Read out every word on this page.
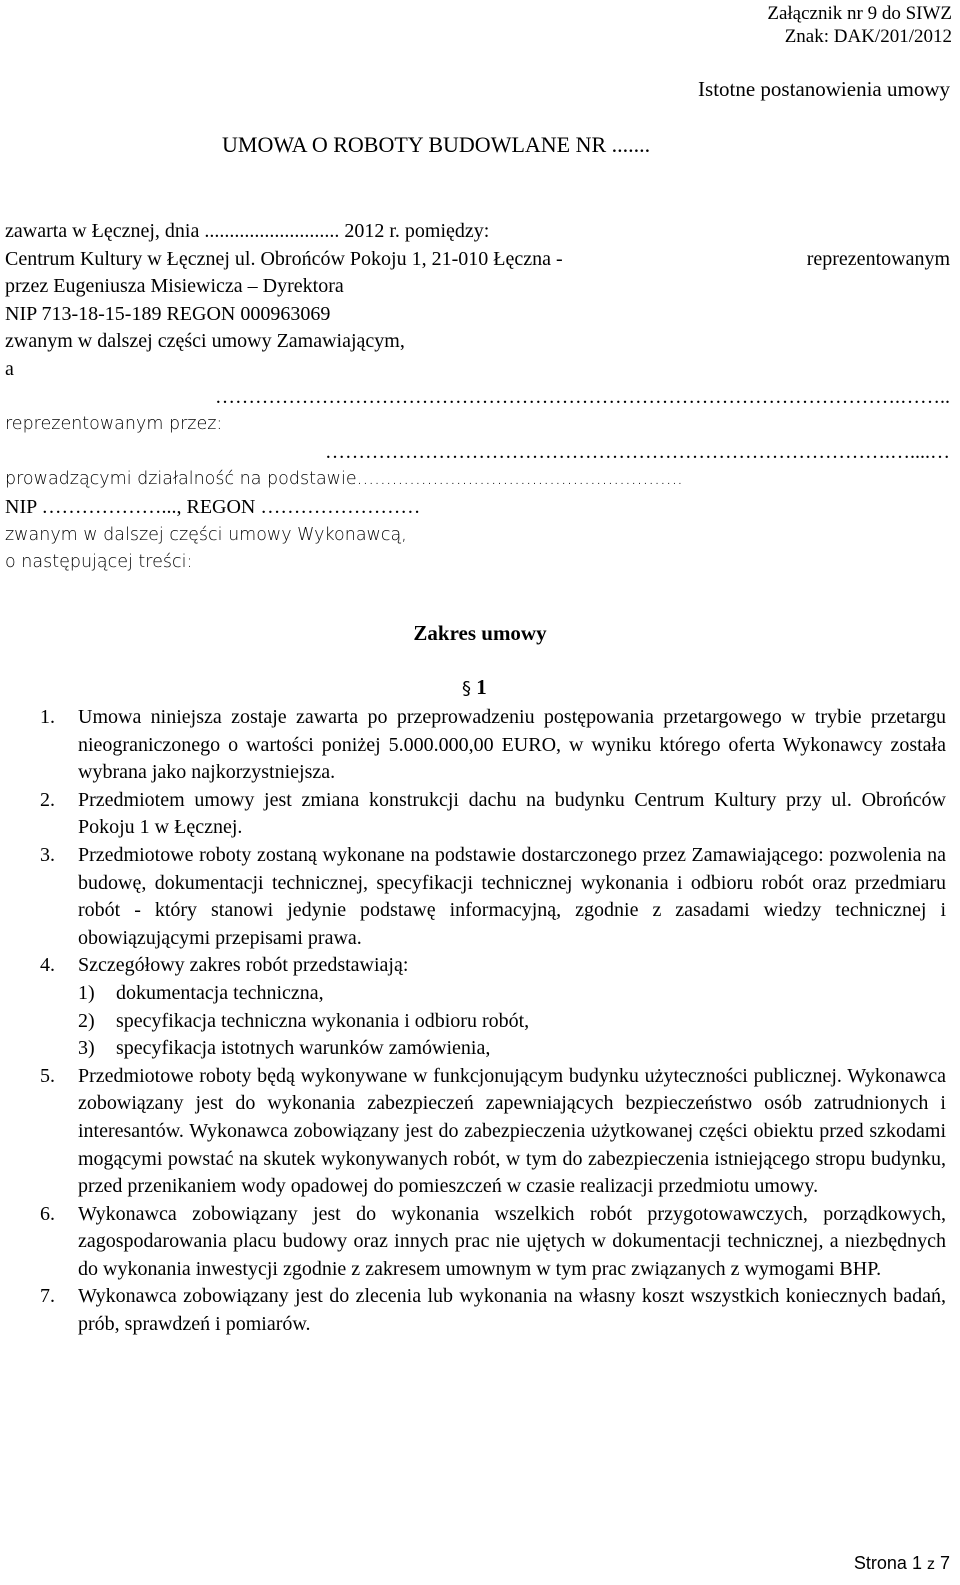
Załącznik nr 9 do SIWZ
Znak: DAK/201/2012
Istotne postanowienia umowy
UMOWA O ROBOTY BUDOWLANE NR .......
zawarta w Łęcznej, dnia ........................... 2012 r. pomiędzy:
Centrum Kultury w Łęcznej ul. Obrońców Pokoju 1, 21-010 Łęczna -	reprezentowanym
przez Eugeniusza Misiewicza – Dyrektora
NIP 713-18-15-189 REGON 000963069
zwanym w dalszej części umowy Zamawiającym,
a
………………………………………………………………………………………….……..
reprezentowanym przez:
………………………………………………………………………….…....…
prowadzącymi działalność na podstawie………………………………………………..
NIP ………………..., REGON ……………………
zwanym w dalszej części umowy Wykonawcą,
o następującej treści:
Zakres umowy
§ 1
1. Umowa niniejsza zostaje zawarta po przeprowadzeniu postępowania przetargowego w trybie przetargu nieograniczonego o wartości poniżej 5.000.000,00 EURO, w wyniku którego oferta Wykonawcy została wybrana jako najkorzystniejsza.
2. Przedmiotem umowy jest zmiana konstrukcji dachu na budynku Centrum Kultury przy ul. Obrońców Pokoju 1 w Łęcznej.
3. Przedmiotowe roboty zostaną wykonane na podstawie dostarczonego przez Zamawiającego: pozwolenia na budowę, dokumentacji technicznej, specyfikacji technicznej wykonania i odbioru robót oraz przedmiaru robót - który stanowi jedynie podstawę informacyjną, zgodnie z zasadami wiedzy technicznej i obowiązującymi przepisami prawa.
4. Szczegółowy zakres robót przedstawiają:
1) dokumentacja techniczna,
2) specyfikacja techniczna wykonania i odbioru robót,
3) specyfikacja istotnych warunków zamówienia,
5. Przedmiotowe roboty będą wykonywane w funkcjonującym budynku użyteczności publicznej. Wykonawca zobowiązany jest do wykonania zabezpieczeń zapewniających bezpieczeństwo osób zatrudnionych i interesantów. Wykonawca zobowiązany jest do zabezpieczenia użytkowanej części obiektu przed szkodami mogącymi powstać na skutek wykonywanych robót, w tym do zabezpieczenia istniejącego stropu budynku, przed przenikaniem wody opadowej do pomieszczeń w czasie realizacji przedmiotu umowy.
6. Wykonawca zobowiązany jest do wykonania wszelkich robót przygotowawczych, porządkowych, zagospodarowania placu budowy oraz innych prac nie ujętych w dokumentacji technicznej, a niezbędnych do wykonania inwestycji zgodnie z zakresem umownym w tym prac związanych z wymogami BHP.
7. Wykonawca zobowiązany jest do zlecenia lub wykonania na własny koszt wszystkich koniecznych badań, prób, sprawdzeń i pomiarów.
Strona 1 z 7
